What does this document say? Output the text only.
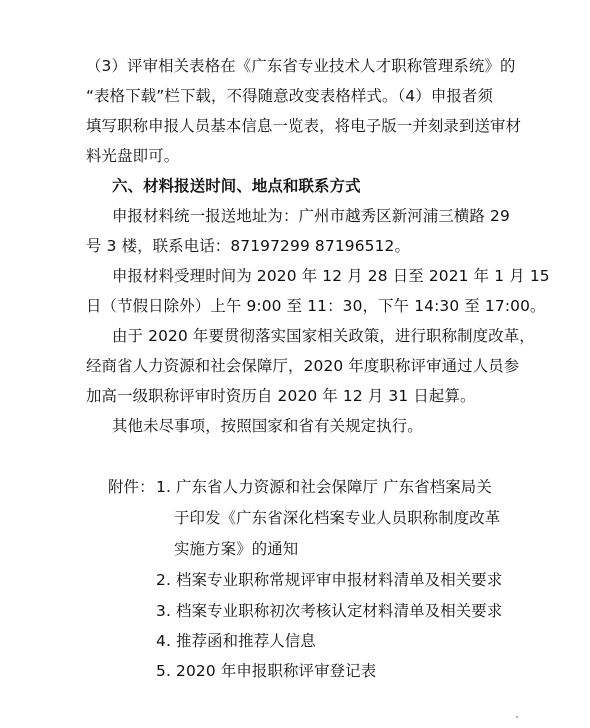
（3）评审相关表格在《广东省专业技术人才职称管理系统》的
“表格下载”栏下载，不得随意改变表格样式。（4）申报者须
填写职称申报人员基本信息一览表，将电子版一并刻录到送审材
料光盘即可。
六、材料报送时间、地点和联系方式
申报材料统一报送地址为：广州市越秀区新河浦三横路 29
号 3 楼，联系电话：87197299 87196512。
申报材料受理时间为 2020 年 12 月 28 日至 2021 年 1 月 15
日（节假日除外）上午 9:00 至 11：30，下午 14:30 至 17:00。
由于 2020 年要贯彻落实国家相关政策，进行职称制度改革，
经商省人力资源和社会保障厅，2020 年度职称评审通过人员参
加高一级职称评审时资历自 2020 年 12 月 31 日起算。
其他未尽事项，按照国家和省有关规定执行。
附件： 1. 广东省人力资源和社会保障厅 广东省档案局关
于印发《广东省深化档案专业人员职称制度改革
实施方案》的通知
2. 档案专业职称常规评审申报材料清单及相关要求
3. 档案专业职称初次考核认定材料清单及相关要求
4. 推荐函和推荐人信息
5. 2020 年申报职称评审登记表
